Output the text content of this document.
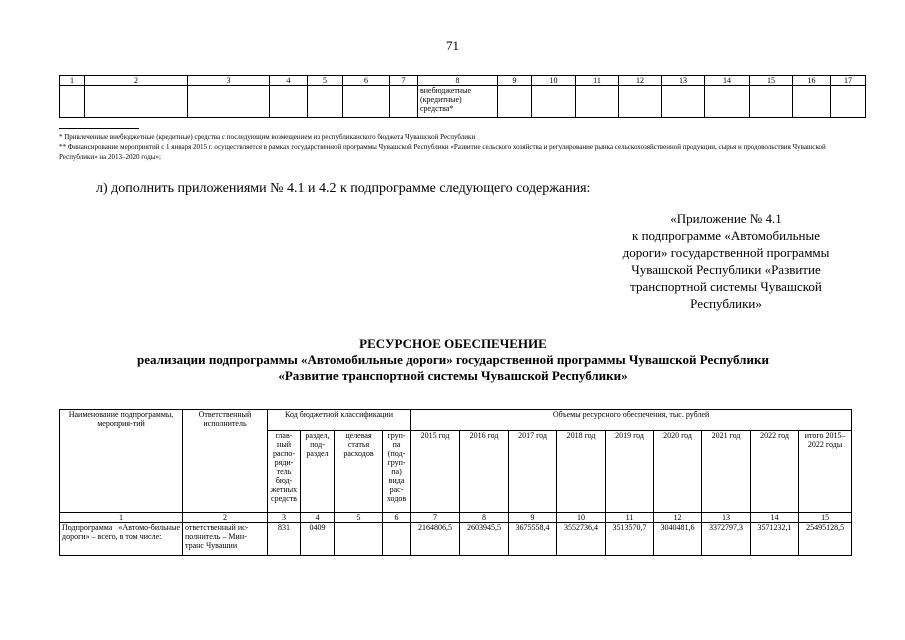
71
1	2	3	4	5	6	7	8	9	10	11	12	13	14	15	16	17
							внебюджетные (кредитные) средства*									
* Привлеченные внебюджетные (кредитные) средства с последующим возмещением из республиканского бюджета Чувашской Республики
** Финансирование мероприятий с 1 января 2015 г. осуществляется в рамках государственной программы Чувашской Республики «Развитие сельского хозяйства и регулирование рынка сельскохозяйственной продукции, сырья и продовольствия Чувашской Республики» на 2013–2020 годы»;
л) дополнить приложениями № 4.1 и 4.2 к подпрограмме следующего содержания:
«Приложение № 4.1
к подпрограмме «Автомобильные
дороги» государственной программы
Чувашской Республики «Развитие
транспортной системы Чувашской
Республики»
РЕСУРСНОЕ ОБЕСПЕЧЕНИЕ
реализации подпрограммы «Автомобильные дороги» государственной программы Чувашской Республики
«Развитие транспортной системы Чувашской Республики»
Наименование подпрограммы, мероприя-тий	Ответственный исполнитель	Код бюджетной классификации				Объемы ресурсного обеспечения, тыс. рублей								
		глав-ный распо-ряди-тель бюд-жетных средств	раздел, под-раздел	целевая статья расходов	груп-па (под-груп-па) вида рас-ходов	2015 год	2016 год	2017 год	2018 год	2019 год	2020 год	2021 год	2022 год	итого 2015–2022 годы
1	2	3	4	5	6	7	8	9	10	11	12	13	14	15
Подпрограмма «Автомо-бильные дороги» – всего, в том числе:	ответственный ис-полнитель – Мин-транс Чувашии	831	0409			2164806,5	2603945,5	3675558,4	3552736,4	3513570,7	3040481,6	3372797,3	3571232,1	25495128,5
